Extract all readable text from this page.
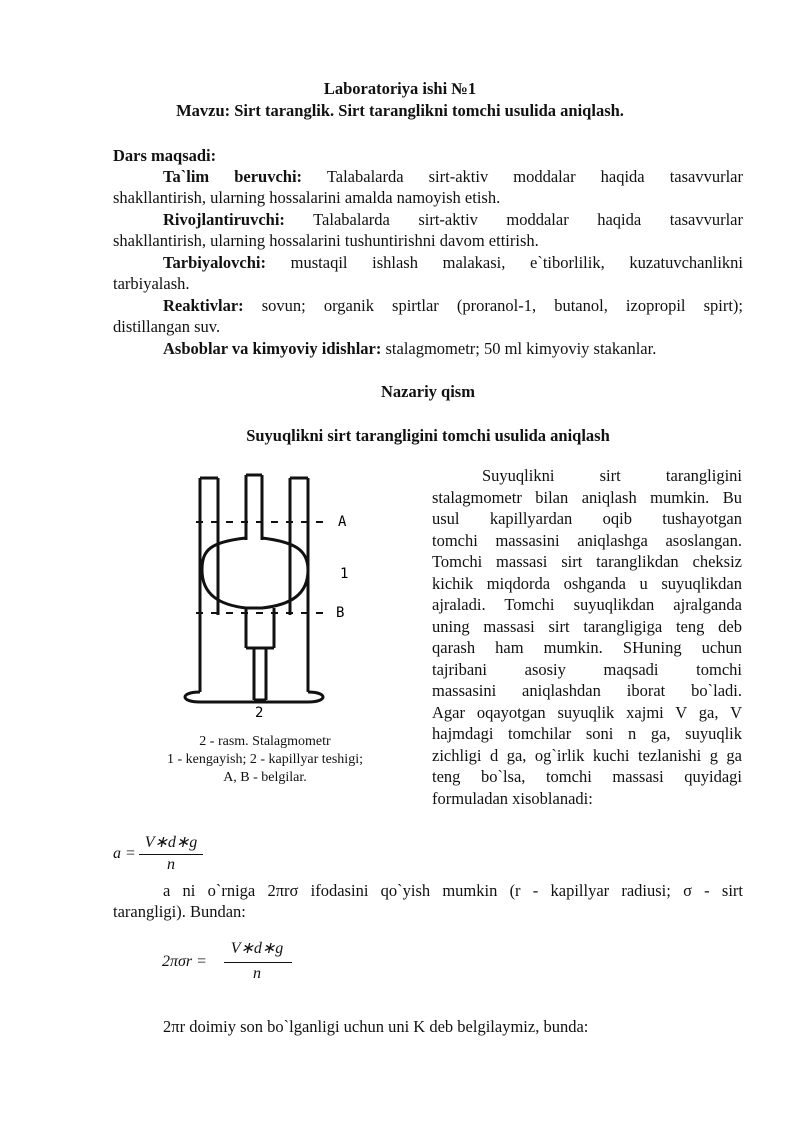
Laboratoriya ishi №1
Mavzu: Sirt taranglik. Sirt taranglikni tomchi usulida aniqlash.
Dars maqsadi:
Ta`lim beruvchi: Talabalarda sirt-aktiv moddalar haqida tasavvurlar
shakllantirish, ularning hossalarini amalda namoyish etish.
Rivojlantiruvchi: Talabalarda sirt-aktiv moddalar haqida tasavvurlar
shakllantirish, ularning hossalarini tushuntirishni davom ettirish.
Tarbiyalovchi: mustaqil ishlash malakasi, e`tiborlilik, kuzatuvchanlikni
tarbiyalash.
Reaktivlar: sovun; organik spirtlar (proranol-1, butanol, izopropil spirt);
distillangan suv.
Asboblar va kimyoviy idishlar: stalagmometr; 50 ml kimyoviy stakanlar.
Nazariy qism
Suyuqlikni sirt tarangligini tomchi usulida aniqlash
A
1
B
2
2 - rasm. Stalagmometr
1 - kengayish; 2 - kapillyar teshigi;
A, B - belgilar.

Suyuqlikni sirt tarangligini

stalagmometr bilan aniqlash mumkin. Bu

usul kapillyardan oqib tushayotgan

tomchi massasini aniqlashga asoslangan.

Tomchi massasi sirt taranglikdan cheksiz

kichik miqdorda oshganda u suyuqlikdan

ajraladi. Tomchi suyuqlikdan ajralganda

uning massasi sirt tarangligiga teng deb

qarash ham mumkin. SHuning uchun

tajribani asosiy maqsadi tomchi

massasini aniqlashdan iborat bo`ladi.

Agar oqayotgan suyuqlik xajmi V ga, V

hajmdagi tomchilar soni n ga, suyuqlik

zichligi d ga, og`irlik kuchi tezlanishi g ga

teng bo`lsa, tomchi massasi quyidagi

formuladan xisoblanadi:

a =
V∗d∗g
n
a ni o`rniga 2πrσ ifodasini qo`yish mumkin (r - kapillyar radiusi; σ - sirt
tarangligi). Bundan:
2πσr =
V∗d∗g
n
2πr doimiy son bo`lganligi uchun uni K deb belgilaymiz, bunda:
